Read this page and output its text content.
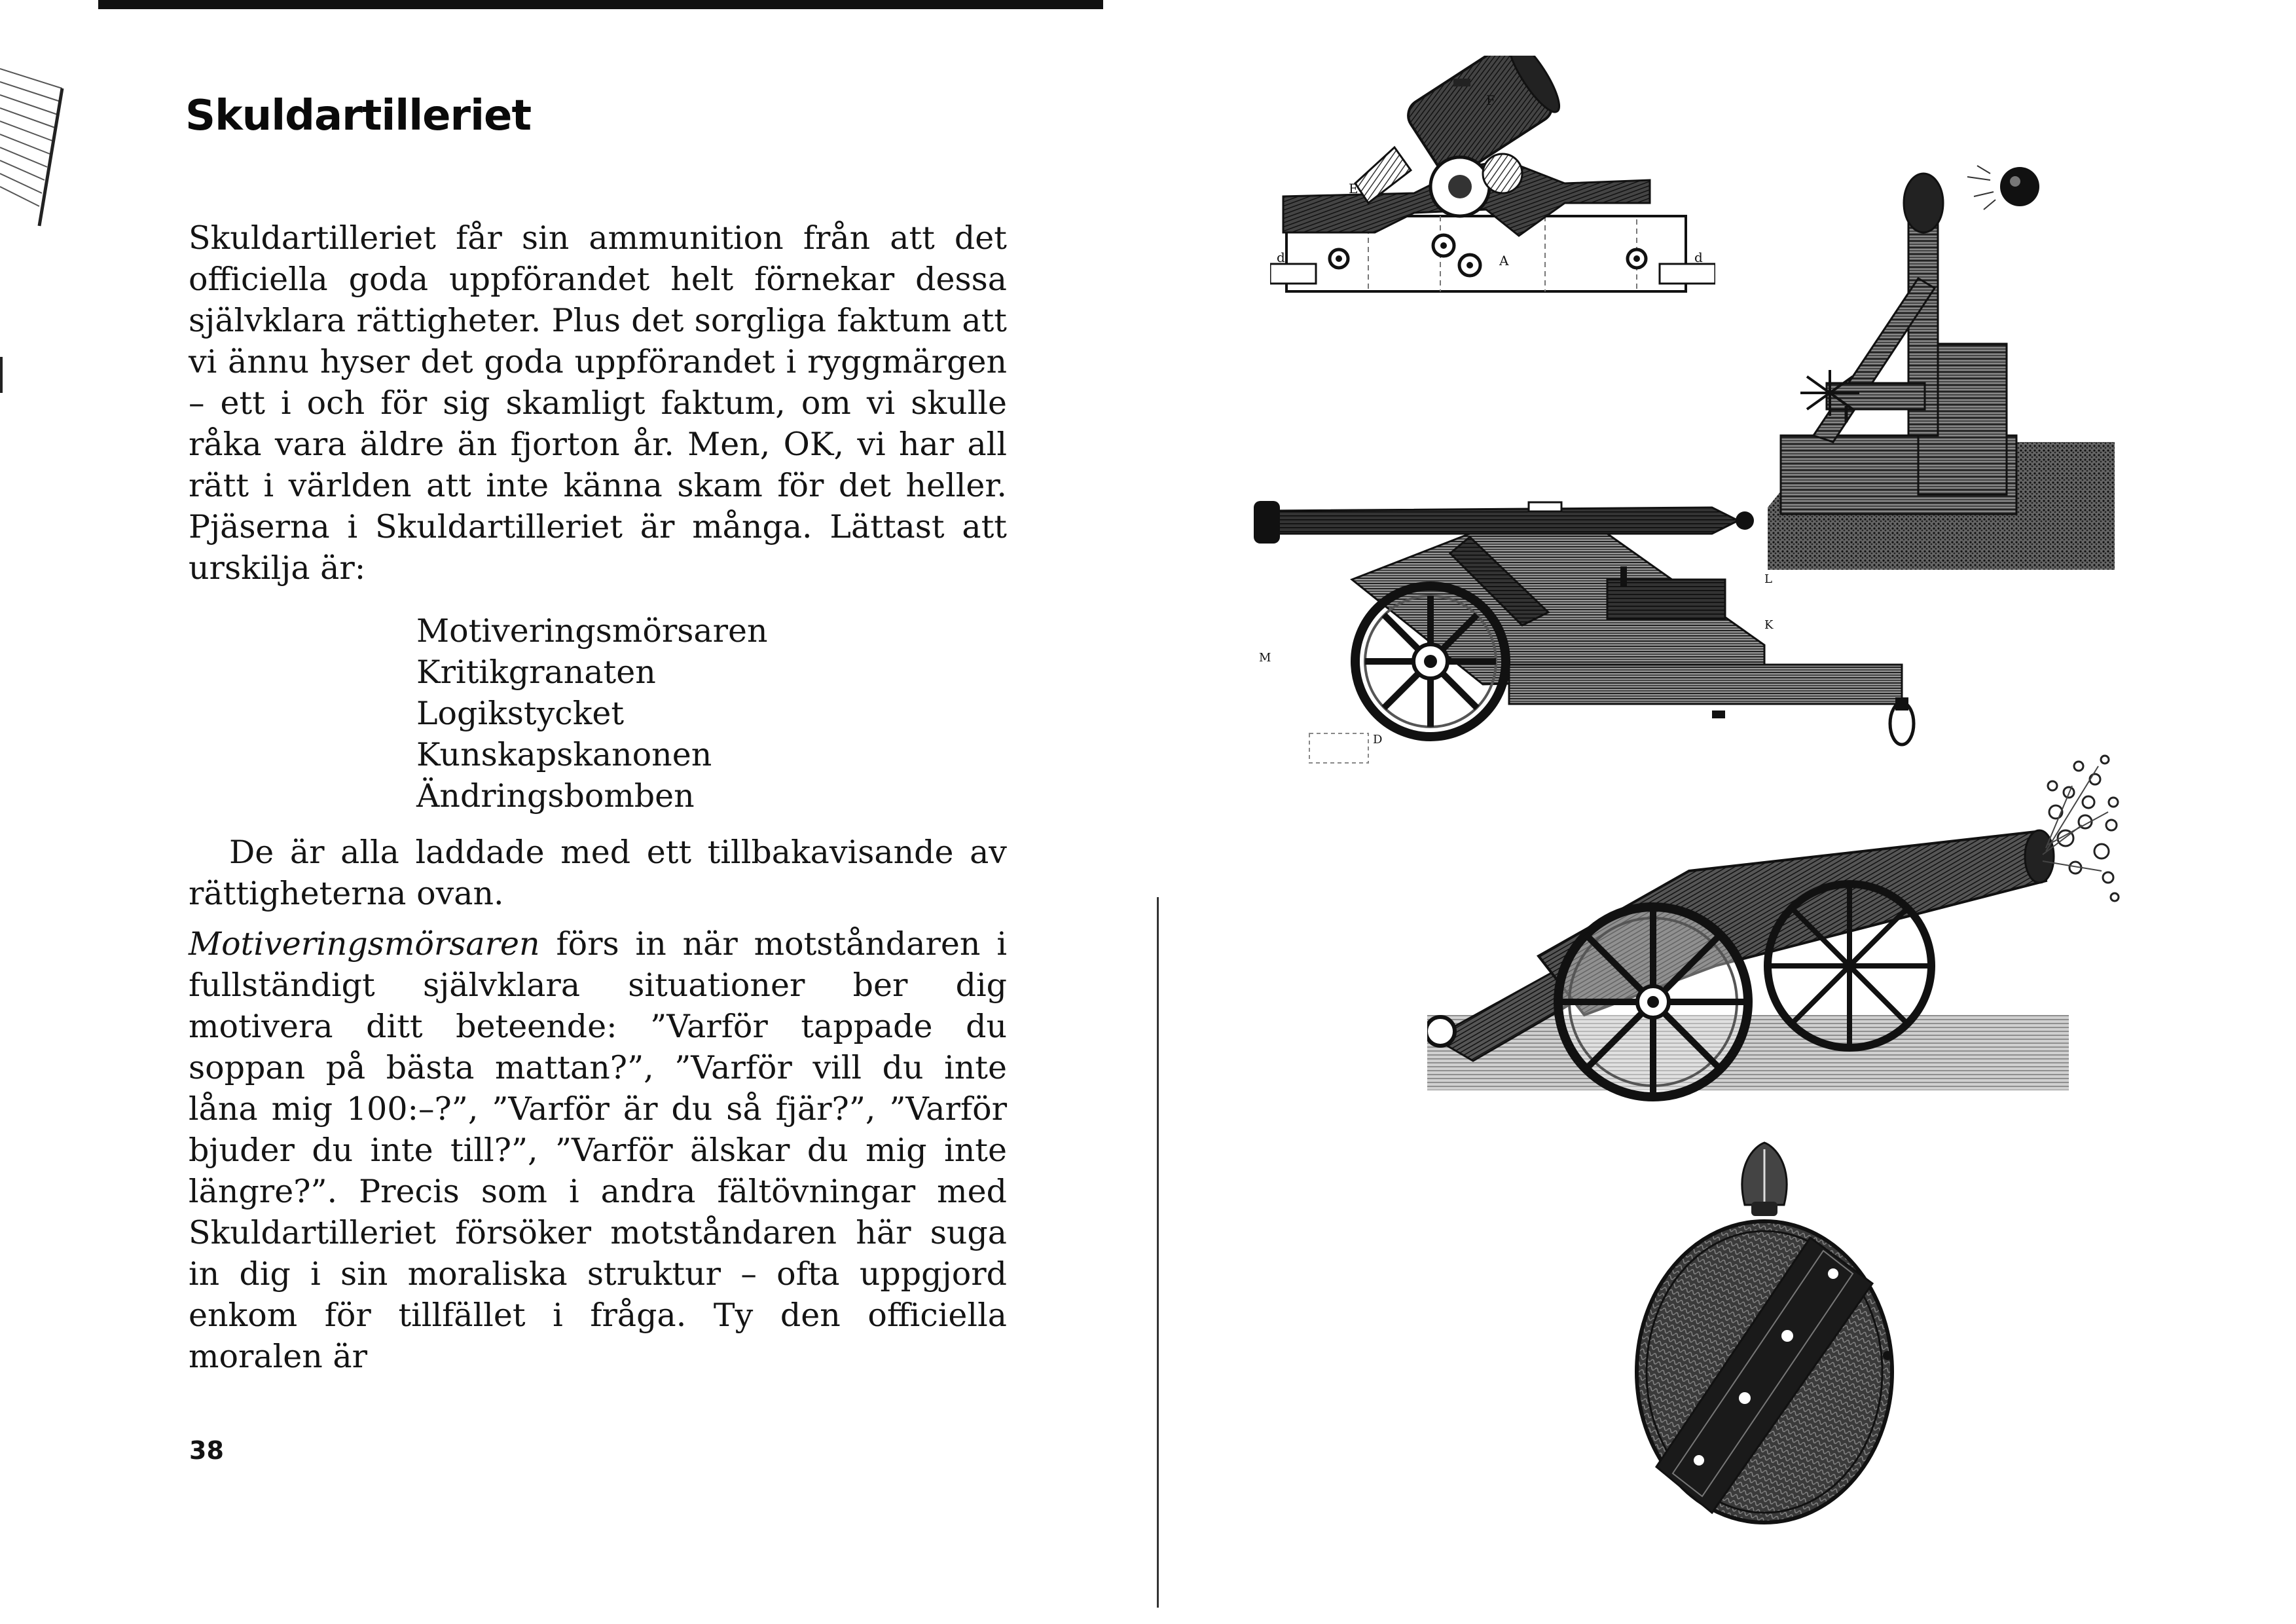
Skuldartilleriet

Skuldartilleriet får sin ammunition från att det officiella goda uppförandet helt förnekar dessa självklara rättigheter. Plus det sorgliga faktum att vi ännu hyser det goda uppförandet i ryggmärgen – ett i och för sig skamligt faktum, om vi skulle råka vara äldre än fjorton år. Men, OK, vi har all rätt i världen att inte känna skam för det heller. Pjäserna i Skuldartilleriet är många. Lättast att urskilja är:

Motiveringsmörsaren
Kritikgranaten
Logikstycket
Kunskapskanonen
Ändringsbomben

De är alla laddade med ett tillbakavisande av rättigheterna ovan.

Motiveringsmörsaren förs in när motståndaren i fullständigt självklara situationer ber dig motivera ditt beteende: ”Varför tappade du soppan på bästa mattan?”, ”Varför vill du inte låna mig 100:–?”, ”Varför är du så fjär?”, ”Varför bjuder du inte till?”, ”Varför älskar du mig inte längre?”. Precis som i andra fältövningar med Skuldartilleriet försöker motståndaren här suga in dig i sin moraliska struktur – ofta uppgjord enkom för tillfället i fråga. Ty den officiella moralen är

38
E
F
A
d	d
L
K
M
D
